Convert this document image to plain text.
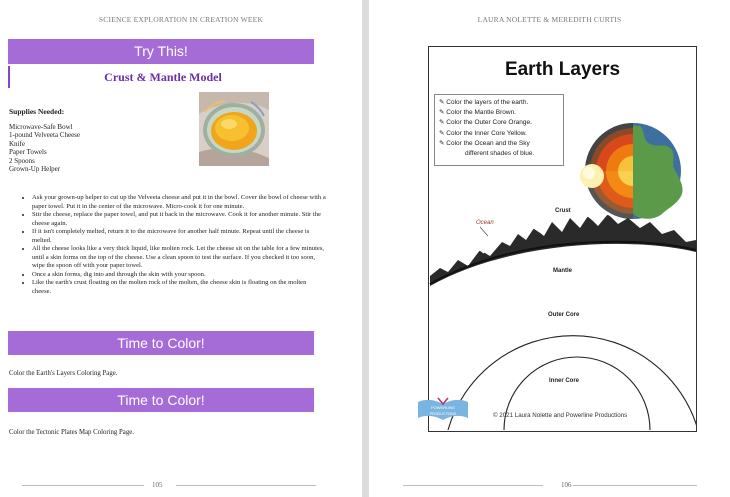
SCIENCE EXPLORATION IN CREATION WEEK
Try This!
Crust & Mantle Model
Supplies Needed:
Microwave-Safe Bowl
1-pound Velveeta Cheese
Knife
Paper Towels
2 Spoons
Grown-Up Helper
• Ask your grown-up helper to cut up the Velveeta cheese and put it in the bowl. Cover the bowl of cheese with a paper towel. Put it in the center of the microwave. Micro-cook it for one minute.
• Stir the cheese, replace the paper towel, and put it back in the microwave. Cook it for another minute. Stir the cheese again.
• If it isn't completely melted, return it to the microwave for another half minute. Repeat until the cheese is melted.
• All the cheese looks like a very thick liquid, like molten rock. Let the cheese sit on the table for a few minutes, until a skin forms on the top of the cheese. Use a clean spoon to test the surface. If you checked it too soon, wipe the spoon off with your paper towel.
• Once a skin forms, dig into and through the skin with your spoon.
• Like the earth's crust floating on the molten rock of the molten, the cheese skin is floating on the molten cheese.
Time to Color!
Color the Earth's Layers Coloring Page.
Time to Color!
Color the Tectonic Plates Map Coloring Page.
105
LAURA NOLETTE & MEREDITH CURTIS
106
Earth Layers
Ocean
Crust
Mantle
Outer Core
Inner Core
✎ Color the layers of the earth.
✎ Color the Mantle Brown.
✎ Color the Outer Core Orange.
✎ Color the Inner Core Yellow.
✎ Color the Ocean and the Sky
different shades of blue.
POWERLINE
PRODUCTIONS	© 2021 Laura Nolette and Powerline Productions
